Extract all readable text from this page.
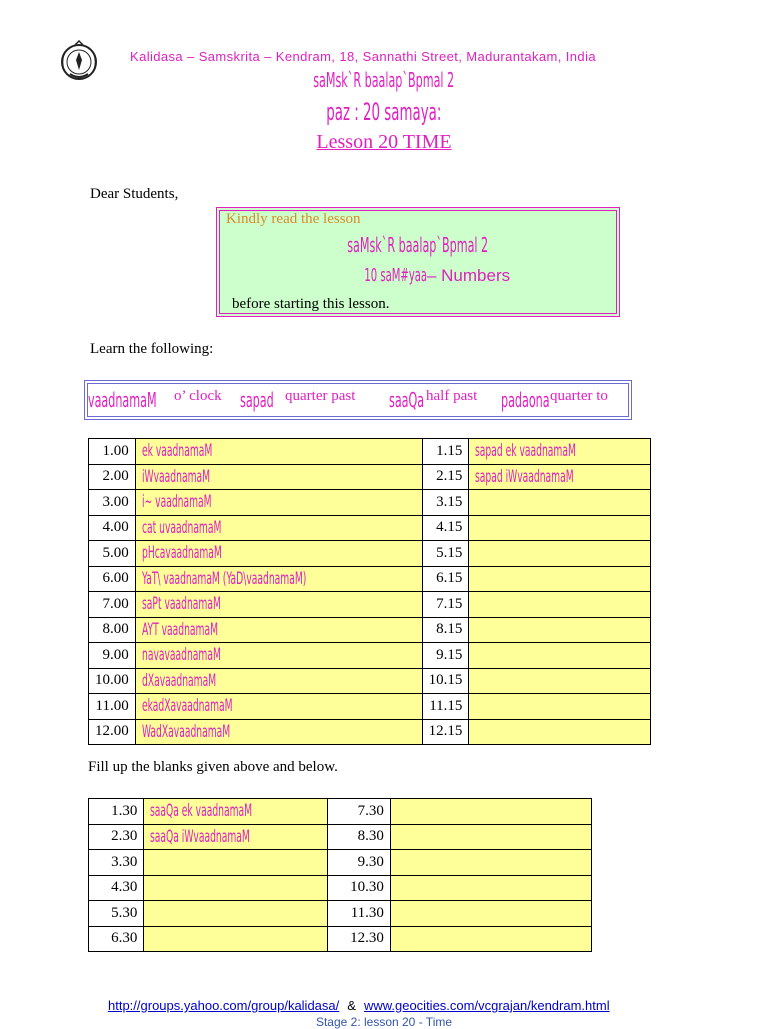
Kalidasa – Samskrita – Kendram, 18, Sannathi Street, Madurantakam, India
saMsk`R baalap`Bpmal 2
paz : 20 samaya:
Lesson 20 TIME
Dear Students,
Kindly read the lesson
saMsk`R baalap`Bpmal 2
10 saM#yaa– Numbers
before starting this lesson.
Learn the following:
vaadnamaM	o’ clock sapad quarter past saaQa half past padaona quarter to
1.00	ek vaadnamaM	1.15	sapad ek vaadnamaM
2.00	iWvaadnamaM	2.15	sapad iWvaadnamaM
3.00	i~ vaadnamaM	3.15	
4.00	cat uvaadnamaM	4.15	
5.00	pHcavaadnamaM	5.15	
6.00	YaT\ vaadnamaM (YaD\vaadnamaM)	6.15	
7.00	saPt vaadnamaM	7.15	
8.00	AYT vaadnamaM	8.15	
9.00	navavaadnamaM	9.15	
10.00	dXavaadnamaM	10.15	
11.00	ekadXavaadnamaM	11.15	
12.00	WadXavaadnamaM	12.15	
Fill up the blanks given above and below.
1.30	saaQa ek vaadnamaM	7.30	
2.30	saaQa iWvaadnamaM	8.30	
3.30		9.30	
4.30		10.30	
5.30		11.30	
6.30		12.30	
http://groups.yahoo.com/group/kalidasa/ & www.geocities.com/vcgrajan/kendram.html
Stage 2: lesson 20 - Time
